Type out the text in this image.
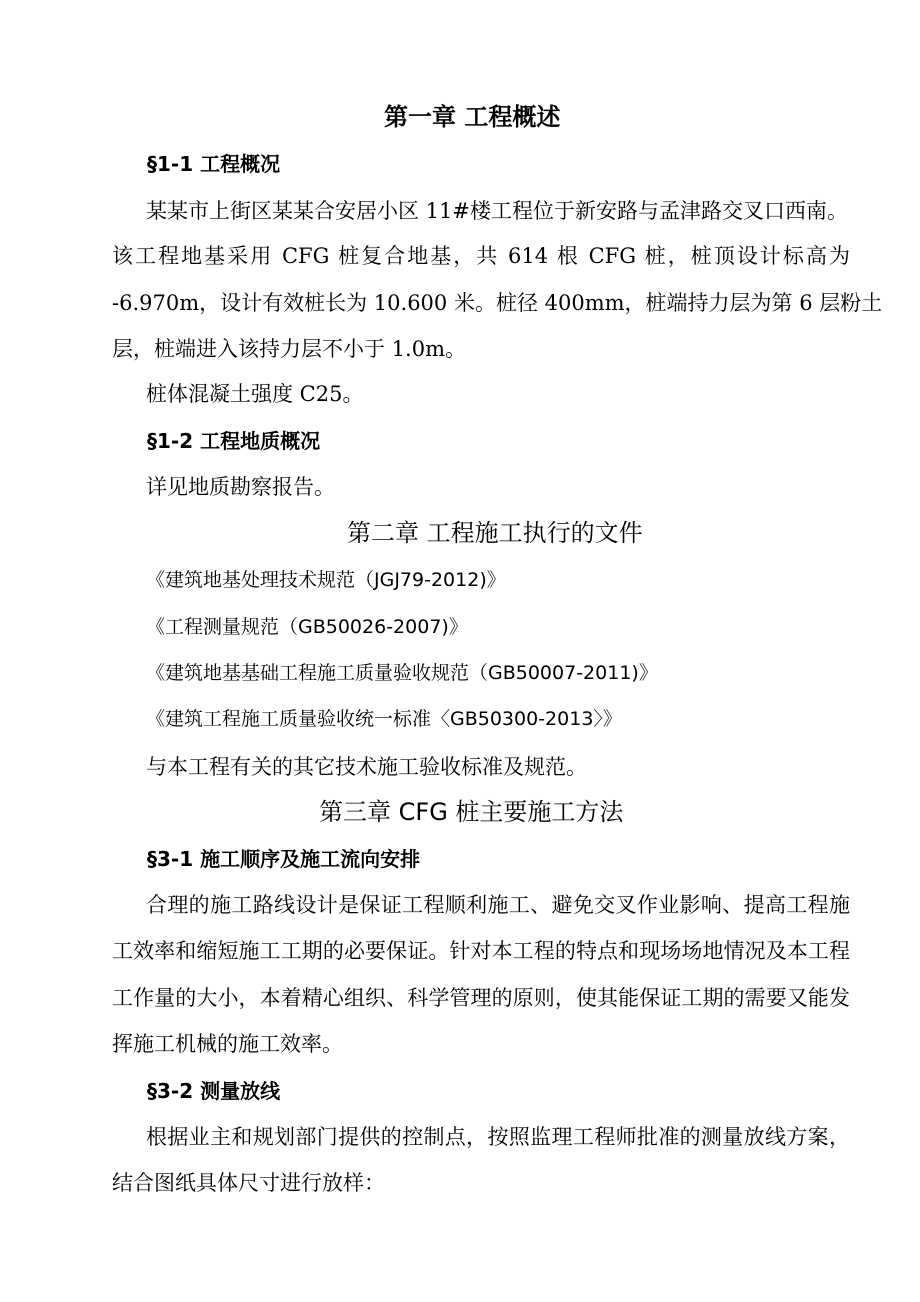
第一章 工程概述
§1-1 工程概况
某某市上街区某某合安居小区 11#楼工程位于新安路与孟津路交叉口西南。
该工程地基采用 CFG 桩复合地基，共 614 根 CFG 桩，桩顶设计标高为
-6.970m，设计有效桩长为 10.600 米。桩径 400mm，桩端持力层为第 6 层粉土
层，桩端进入该持力层不小于 1.0m。
桩体混凝土强度 C25。
§1-2 工程地质概况
详见地质勘察报告。
第二章 工程施工执行的文件
《建筑地基处理技术规范（JGJ79-2012)》
《工程测量规范（GB50026-2007)》
《建筑地基基础工程施工质量验收规范（GB50007-2011)》
《建筑工程施工质量验收统一标准〈GB50300-2013〉》
与本工程有关的其它技术施工验收标准及规范。
第三章 CFG 桩主要施工方法
§3-1 施工顺序及施工流向安排
合理的施工路线设计是保证工程顺利施工、避免交叉作业影响、提高工程施
工效率和缩短施工工期的必要保证。针对本工程的特点和现场场地情况及本工程
工作量的大小，本着精心组织、科学管理的原则，使其能保证工期的需要又能发
挥施工机械的施工效率。
§3-2 测量放线
根据业主和规划部门提供的控制点，按照监理工程师批准的测量放线方案，
结合图纸具体尺寸进行放样：
